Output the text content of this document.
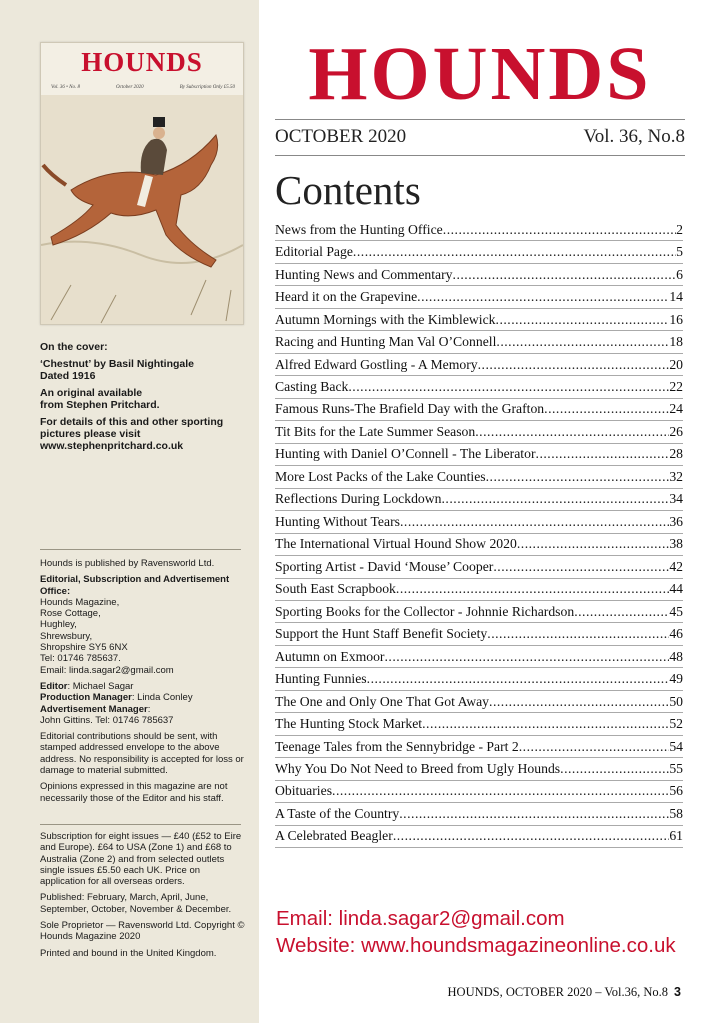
HOUNDS
Vol. 36 • No. 8	October 2020	By Subscription Only £5.50

On the cover:

‘Chestnut’ by Basil Nightingale

Dated 1916

An original available

from Stephen Pritchard.

For details of this and other sporting
pictures please visit
www.stephenpritchard.co.uk

Hounds is published by Ravensworld Ltd.

Editorial, Subscription and Advertisement Office:
Hounds Magazine,
Rose Cottage,
Hughley,
Shrewsbury,
Shropshire SY5 6NX
Tel: 01746 785637.

Email: linda.sagar2@gmail.com

Editor: Michael Sagar
Production Manager: Linda Conley
Advertisement Manager:

John Gittins. Tel: 01746 785637

Editorial contributions should be sent, with stamped addressed envelope to the above address. No responsibility is accepted for loss or damage to material submitted.

Opinions expressed in this magazine are not necessarily those of the Editor and his staff.

Subscription for eight issues — £40 (£52 to Eire and Europe). £64 to USA (Zone 1) and £68 to Australia (Zone 2) and from selected outlets single issues £5.50 each UK. Price on application for all overseas orders.

Published: February, March, April, June, September, October, November & December.

Sole Proprietor — Ravensworld Ltd. Copyright © Hounds Magazine 2020

Printed and bound in the United Kingdom.

HOUNDS
OCTOBER 2020	Vol. 36, No.8
Contents
News from the Hunting Office .....	2
Editorial Page .....	5
Hunting News and Commentary .....	6
Heard it on the Grapevine .....	14
Autumn Mornings with the Kimblewick .....	16
Racing and Hunting Man Val O’Connell .....	18
Alfred Edward Gostling - A Memory .....	20
Casting Back .....	22
Famous Runs-The Brafield Day with the Grafton .....	24
Tit Bits for the Late Summer Season .....	26
Hunting with Daniel O’Connell - The Liberator .....	28
More Lost Packs of the Lake Counties .....	32
Reflections During Lockdown .....	34
Hunting Without Tears .....	36
The International Virtual Hound Show 2020 .....	38
Sporting Artist - David ‘Mouse’ Cooper .....	42
South East Scrapbook .....	44
Sporting Books for the Collector - Johnnie Richardson .....	45
Support the Hunt Staff Benefit Society .....	46
Autumn on Exmoor .....	48
Hunting Funnies .....	49
The One and Only One That Got Away .....	50
The Hunting Stock Market .....	52
Teenage Tales from the Sennybridge - Part 2 .....	54
Why You Do Not Need to Breed from Ugly Hounds .....	55
Obituaries .....	56
A Taste of the Country .....	58
A Celebrated Beagler .....	61
Email: linda.sagar2@gmail.com
Website: www.houndsmagazineonline.co.uk
HOUNDS, OCTOBER 2020 – Vol.36, No.8 3
